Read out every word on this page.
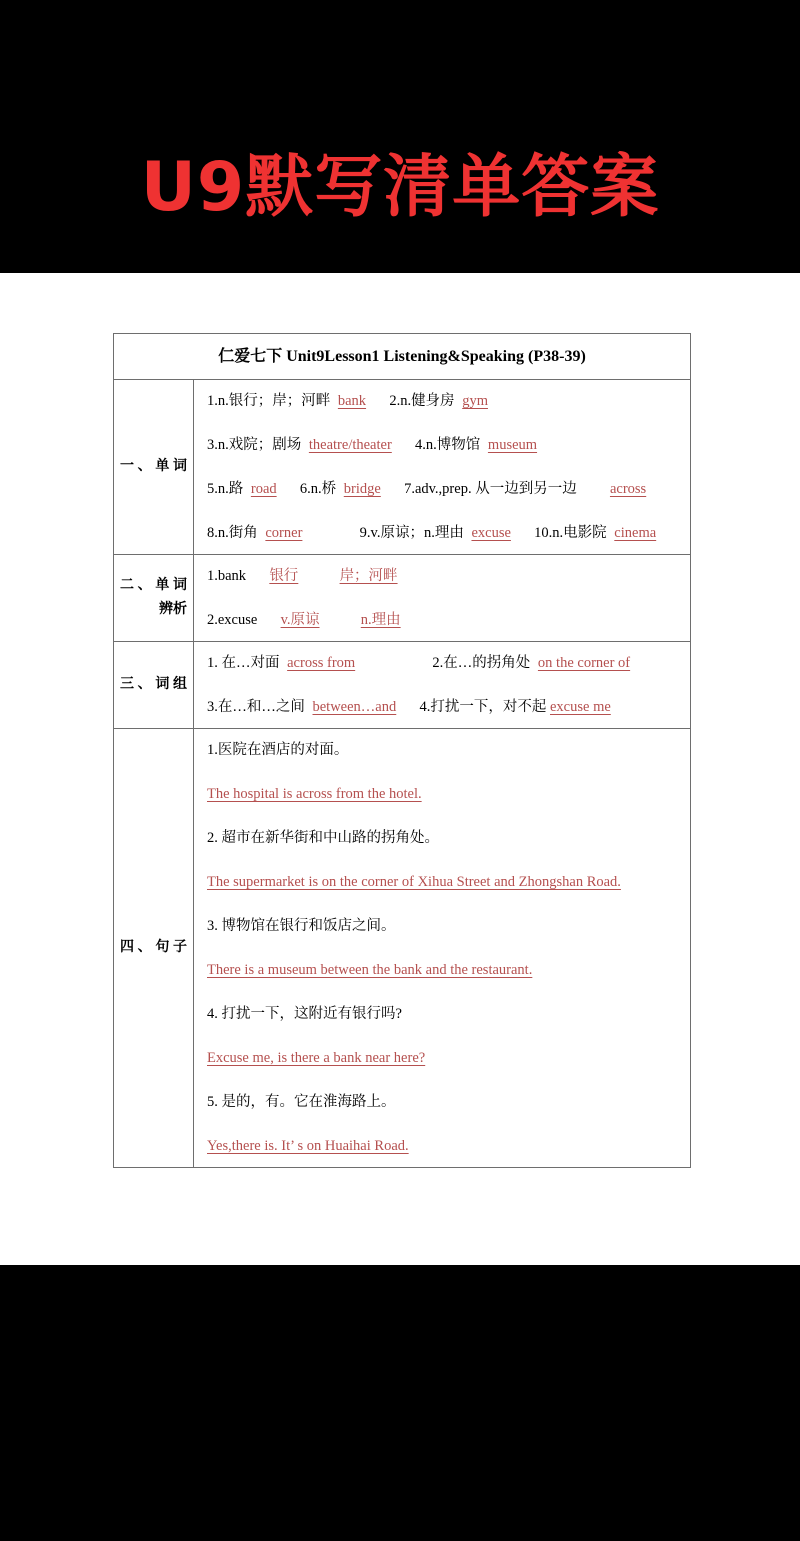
U9默写清单答案
仁爱七下 Unit9Lesson1 Listening&Speaking (P38-39)
一、单词
1.n.银行；岸；河畔 bank 2.n.健身房 gym
3.n.戏院；剧场 theatre/theater 4.n.博物馆 museum
5.n.路 road 6.n.桥 bridge 7.adv.,prep. 从一边到另一边 across
8.n.街角 corner	9.v.原谅；n.理由 excuse 10.n.电影院 cinema
二、单词
辨析
1.bank 银行	岸；河畔
2.excuse v.原谅	n.理由
三、词组
1. 在…对面 across from	2.在…的拐角处 on the corner of
3.在…和…之间 between…and 4.打扰一下，对不起 excuse me
四、句子
1.医院在酒店的对面。
The hospital is across from the hotel.
2. 超市在新华街和中山路的拐角处。
The supermarket is on the corner of Xihua Street and Zhongshan Road.
3. 博物馆在银行和饭店之间。
There is a museum between the bank and the restaurant.
4. 打扰一下，这附近有银行吗?
Excuse me, is there a bank near here?
5. 是的，有。它在淮海路上。
Yes,there is. It’ s on Huaihai Road.
